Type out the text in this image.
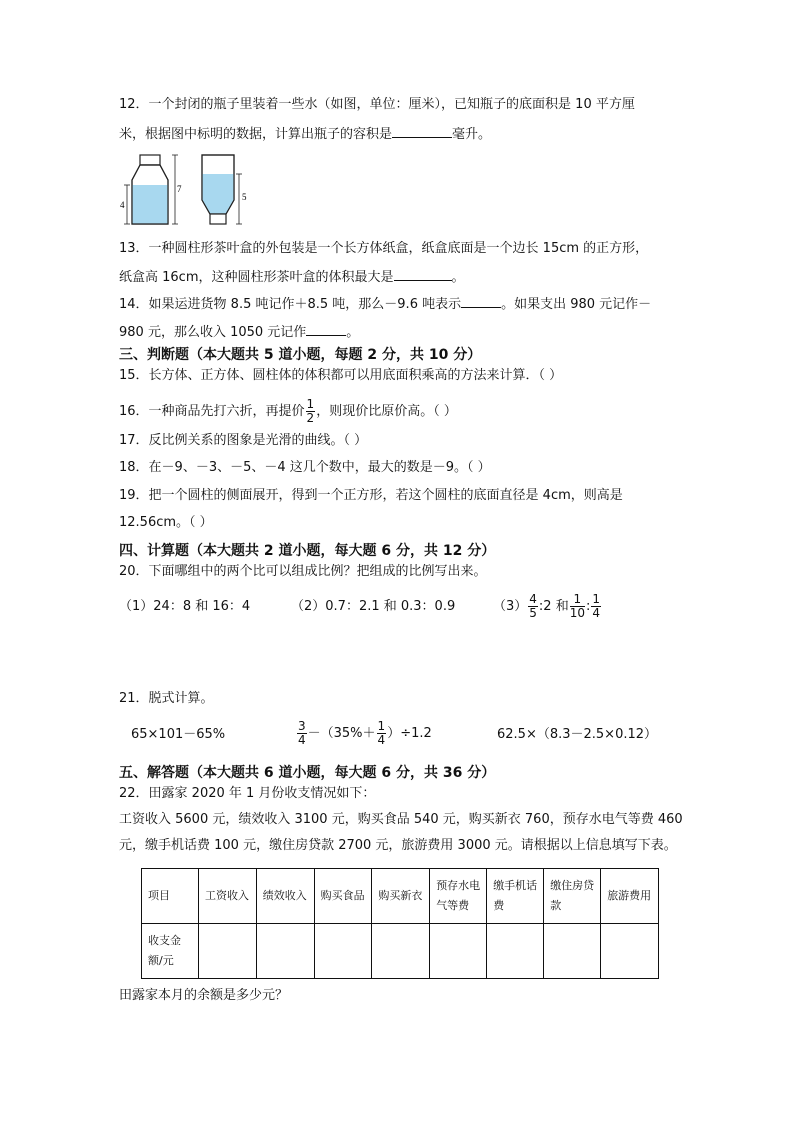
12．一个封闭的瓶子里装着一些水（如图，单位：厘米），已知瓶子的底面积是 10 平方厘
米，根据图中标明的数据，计算出瓶子的容积是	毫升。
4
7
5
13．一种圆柱形茶叶盒的外包装是一个长方体纸盒，纸盒底面是一个边长 15cm 的正方形，
纸盒高 16cm，这种圆柱形茶叶盒的体积最大是	。
14．如果运进货物 8.5 吨记作＋8.5 吨，那么－9.6 吨表示	。如果支出 980 元记作－
980 元，那么收入 1050 元记作	。
三、判断题（本大题共 5 道小题，每题 2 分，共 10 分）
15．长方体、正方体、圆柱体的体积都可以用底面积乘高的方法来计算．（ ）
16．一种商品先打六折，再提价 $\frac{1}{2}$ ，则现价比原价高。（ ）
17．反比例关系的图象是光滑的曲线。（ ）
18．在－9、－3、－5、－4 这几个数中，最大的数是－9。（ ）
19．把一个圆柱的侧面展开，得到一个正方形，若这个圆柱的底面直径是 4cm，则高是
12.56cm。（ ）
四、计算题（本大题共 2 道小题，每大题 6 分，共 12 分）
20．下面哪组中的两个比可以组成比例？把组成的比例写出来。
（1）24：8 和 16：4	（2）0.7：2.1 和 0.3：0.9	$(3) \frac{4}{5}$ :2 和 $\frac{1}{10}$ : $\frac{1}{4}$
21．脱式计算。
65×101－65%	$\frac{3}{4} -(35\%+ \frac{1}{4} )\div 1.2$	62.5×（8.3－2.5×0.12）
五、解答题（本大题共 6 道小题，每大题 6 分，共 36 分）
22．田露家 2020 年 1 月份收支情况如下：
工资收入 5600 元，绩效收入 3100 元，购买食品 540 元，购买新衣 760，预存水电气等费 460
元，缴手机话费 100 元，缴住房贷款 2700 元，旅游费用 3000 元。请根据以上信息填写下表。
项目	工资收入	绩效收入	购买食品	购买新衣	预存水电气等费	缴手机话费	缴住房贷款	旅游费用
收支金额/元								
田露家本月的余额是多少元？
